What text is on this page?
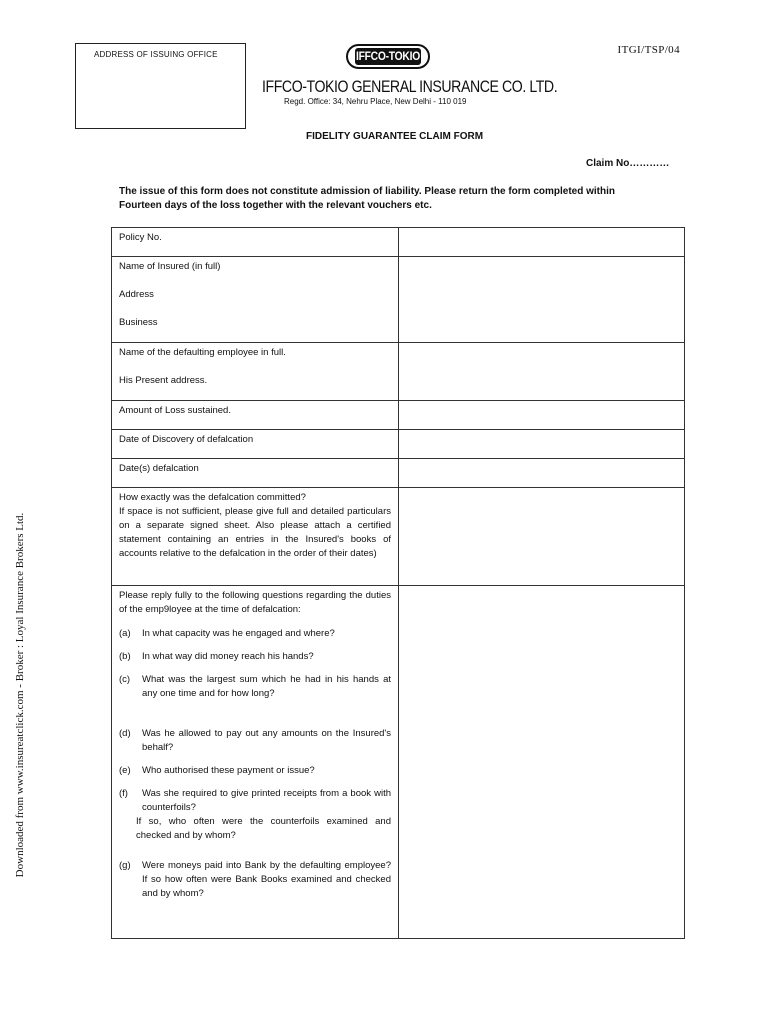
ADDRESS OF ISSUING OFFICE	ITGI/TSP/04
IFFCO-TOKIO
IFFCO-TOKIO GENERAL INSURANCE CO. LTD.
Regd. Office: 34, Nehru Place, New Delhi - 110 019
FIDELITY GUARANTEE CLAIM FORM
Claim No…………
The issue of this form does not constitute admission of liability. Please return the form completed within Fourteen days of the loss together with the relevant vouchers etc.
Downloaded from www.insureatclick.com - Broker : Loyal Insurance Brokers Ltd.
Policy No.

Name of Insured (in full)

Address

Business

Name of the defaulting employee in full.

His Present address.

Amount of Loss sustained.
Date of Discovery of defalcation
Date(s) defalcation

How exactly was the defalcation committed?

If space is not sufficient, please give full and detailed particulars on a separate signed sheet. Also please attach a certified statement containing an entries in the Insured's books of accounts relative to the defalcation in the order of their dates)

Please reply fully to the following questions regarding the duties of the emp9loyee at the time of defalcation:

(a)	In what capacity was he engaged and where?
(b)	In what way did money reach his hands?
(c)	What was the largest sum which he had in his hands at any one time and for how long?
(d)	Was he allowed to pay out any amounts on the Insured's behalf?
(e)	Who authorised these payment or issue?
(f)	Was she required to give printed receipts from a book with counterfoils?
If so, who often were the counterfoils examined and checked and by whom?
(g)	Were moneys paid into Bank by the defaulting employee? If so how often were Bank Books examined and checked and by whom?
